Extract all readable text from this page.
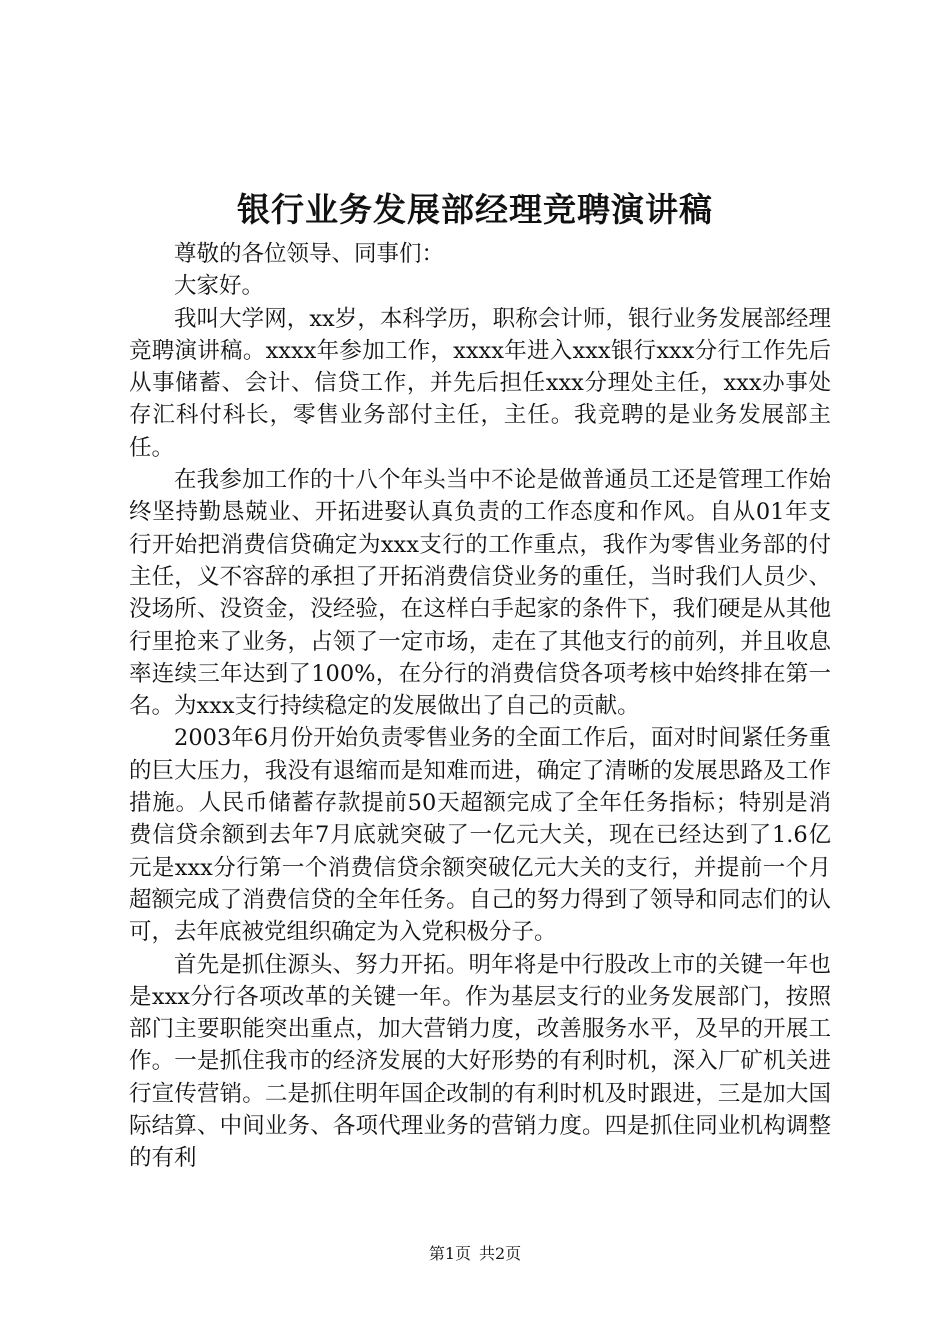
银行业务发展部经理竞聘演讲稿

尊敬的各位领导、同事们：

大家好。

我叫大学网，xx岁，本科学历，职称会计师，银行业务发展部经理竞聘演讲稿。xxxx年参加工作，xxxx年进入xxx银行xxx分行工作先后从事储蓄、会计、信贷工作，并先后担任xxx分理处主任，xxx办事处存汇科付科长，零售业务部付主任，主任。我竞聘的是业务发展部主任。

在我参加工作的十八个年头当中不论是做普通员工还是管理工作始终坚持勤恳兢业、开拓进娶认真负责的工作态度和作风。自从01年支行开始把消费信贷确定为xxx支行的工作重点，我作为零售业务部的付主任，义不容辞的承担了开拓消费信贷业务的重任，当时我们人员少、没场所、没资金，没经验，在这样白手起家的条件下，我们硬是从其他行里抢来了业务，占领了一定市场，走在了其他支行的前列，并且收息率连续三年达到了100%，在分行的消费信贷各项考核中始终排在第一名。为xxx支行持续稳定的发展做出了自己的贡献。

2003年6月份开始负责零售业务的全面工作后，面对时间紧任务重的巨大压力，我没有退缩而是知难而进，确定了清晰的发展思路及工作措施。人民币储蓄存款提前50天超额完成了全年任务指标；特别是消费信贷余额到去年7月底就突破了一亿元大关，现在已经达到了1.6亿元是xxx分行第一个消费信贷余额突破亿元大关的支行，并提前一个月超额完成了消费信贷的全年任务。自己的努力得到了领导和同志们的认可，去年底被党组织确定为入党积极分子。

首先是抓住源头、努力开拓。明年将是中行股改上市的关键一年也是xxx分行各项改革的关键一年。作为基层支行的业务发展部门，按照部门主要职能突出重点，加大营销力度，改善服务水平，及早的开展工作。一是抓住我市的经济发展的大好形势的有利时机，深入厂矿机关进行宣传营销。二是抓住明年国企改制的有利时机及时跟进，三是加大国际结算、中间业务、各项代理业务的营销力度。四是抓住同业机构调整的有利

第1页 共2页
